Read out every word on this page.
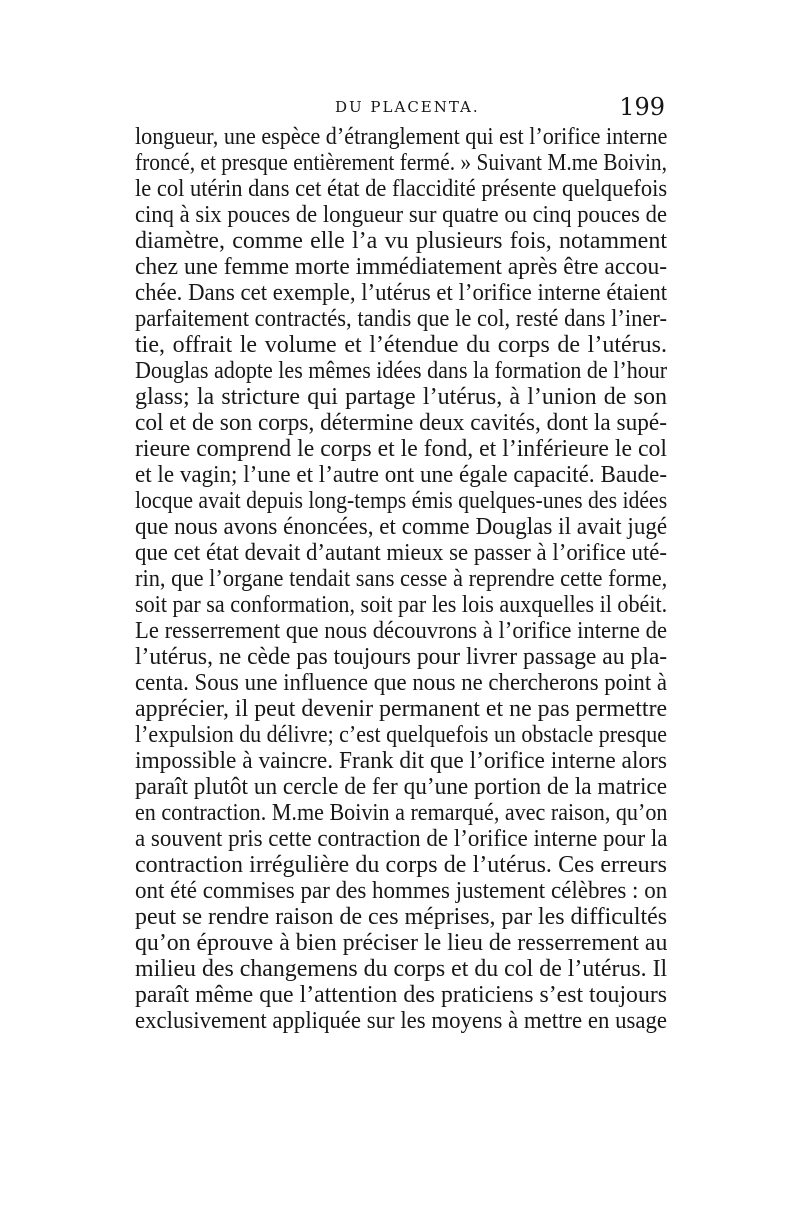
DU PLACENTA.	199
longueur, une espèce d’étranglement qui est l’orifice interne
froncé, et presque entièrement fermé. » Suivant M.me Boivin,
le col utérin dans cet état de flaccidité présente quelquefois
cinq à six pouces de longueur sur quatre ou cinq pouces de
diamètre, comme elle l’a vu plusieurs fois, notamment
chez une femme morte immédiatement après être accou-
chée. Dans cet exemple, l’utérus et l’orifice interne étaient
parfaitement contractés, tandis que le col, resté dans l’iner-
tie, offrait le volume et l’étendue du corps de l’utérus.
Douglas adopte les mêmes idées dans la formation de l’hour
glass; la stricture qui partage l’utérus, à l’union de son
col et de son corps, détermine deux cavités, dont la supé-
rieure comprend le corps et le fond, et l’inférieure le col
et le vagin; l’une et l’autre ont une égale capacité. Baude-
locque avait depuis long-temps émis quelques-unes des idées
que nous avons énoncées, et comme Douglas il avait jugé
que cet état devait d’autant mieux se passer à l’orifice uté-
rin, que l’organe tendait sans cesse à reprendre cette forme,
soit par sa conformation, soit par les lois auxquelles il obéit.
Le resserrement que nous découvrons à l’orifice interne de
l’utérus, ne cède pas toujours pour livrer passage au pla-
centa. Sous une influence que nous ne chercherons point à
apprécier, il peut devenir permanent et ne pas permettre
l’expulsion du délivre; c’est quelquefois un obstacle presque
impossible à vaincre. Frank dit que l’orifice interne alors
paraît plutôt un cercle de fer qu’une portion de la matrice
en contraction. M.me Boivin a remarqué, avec raison, qu’on
a souvent pris cette contraction de l’orifice interne pour la
contraction irrégulière du corps de l’utérus. Ces erreurs
ont été commises par des hommes justement célèbres : on
peut se rendre raison de ces méprises, par les difficultés
qu’on éprouve à bien préciser le lieu de resserrement au
milieu des changemens du corps et du col de l’utérus. Il
paraît même que l’attention des praticiens s’est toujours
exclusivement appliquée sur les moyens à mettre en usage
